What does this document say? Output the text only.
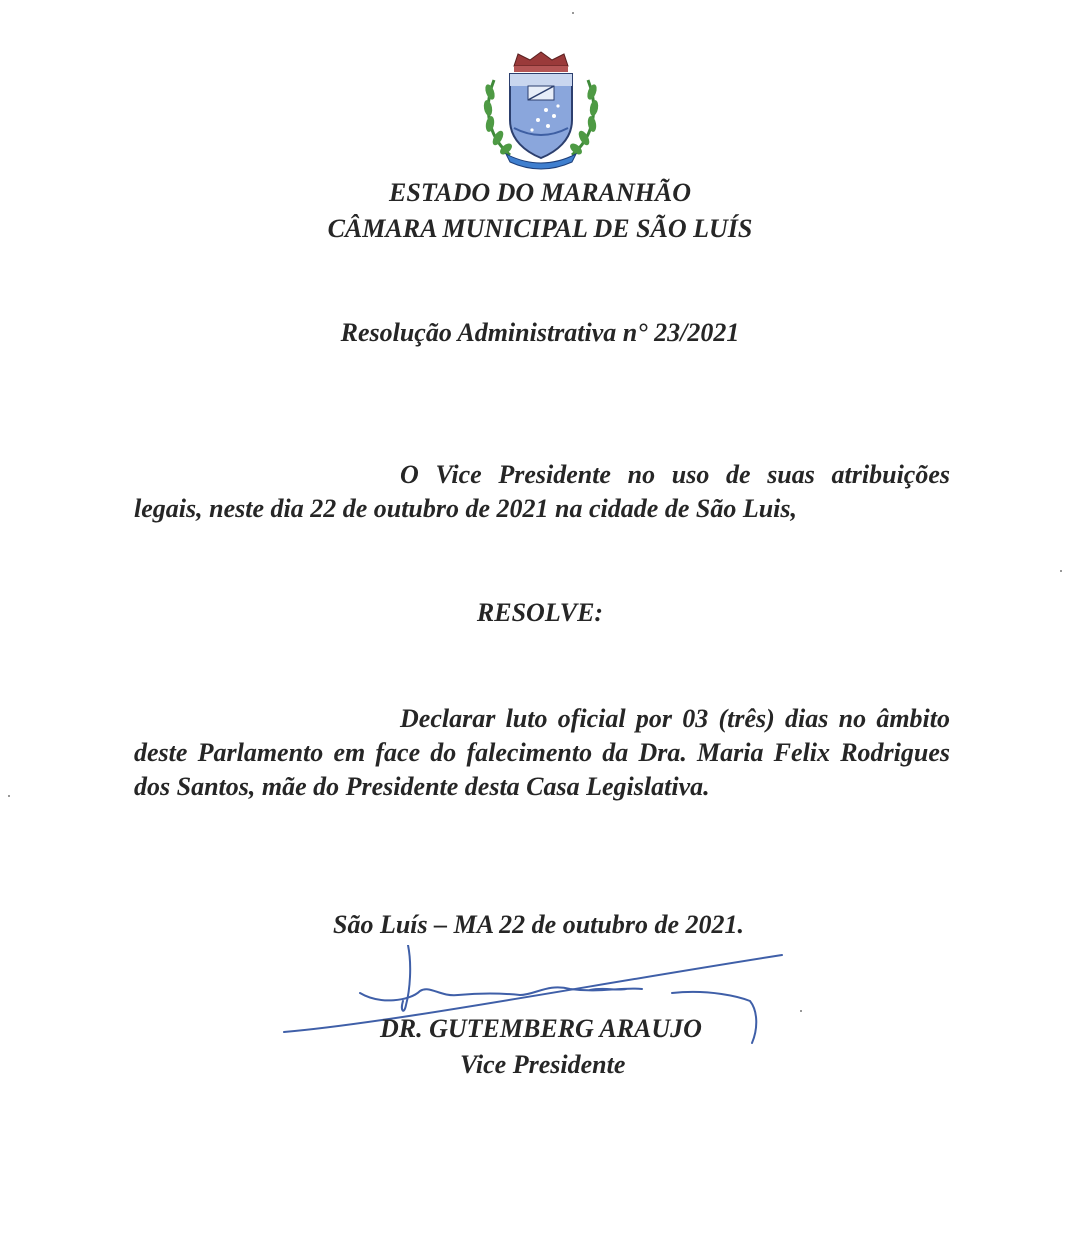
ESTADO DO MARANHÃO
CÂMARA MUNICIPAL DE SÃO LUÍS
Resolução Administrativa n° 23/2021
O Vice Presidente no uso de suas atribuições legais, neste dia 22 de outubro de 2021 na cidade de São Luis,
RESOLVE:
Declarar luto oficial por 03 (três) dias no âmbito deste Parlamento em face do falecimento da Dra. Maria Felix Rodrigues dos Santos, mãe do Presidente desta Casa Legislativa.
São Luís – MA 22 de outubro de 2021.
DR. GUTEMBERG ARAUJO
Vice Presidente
